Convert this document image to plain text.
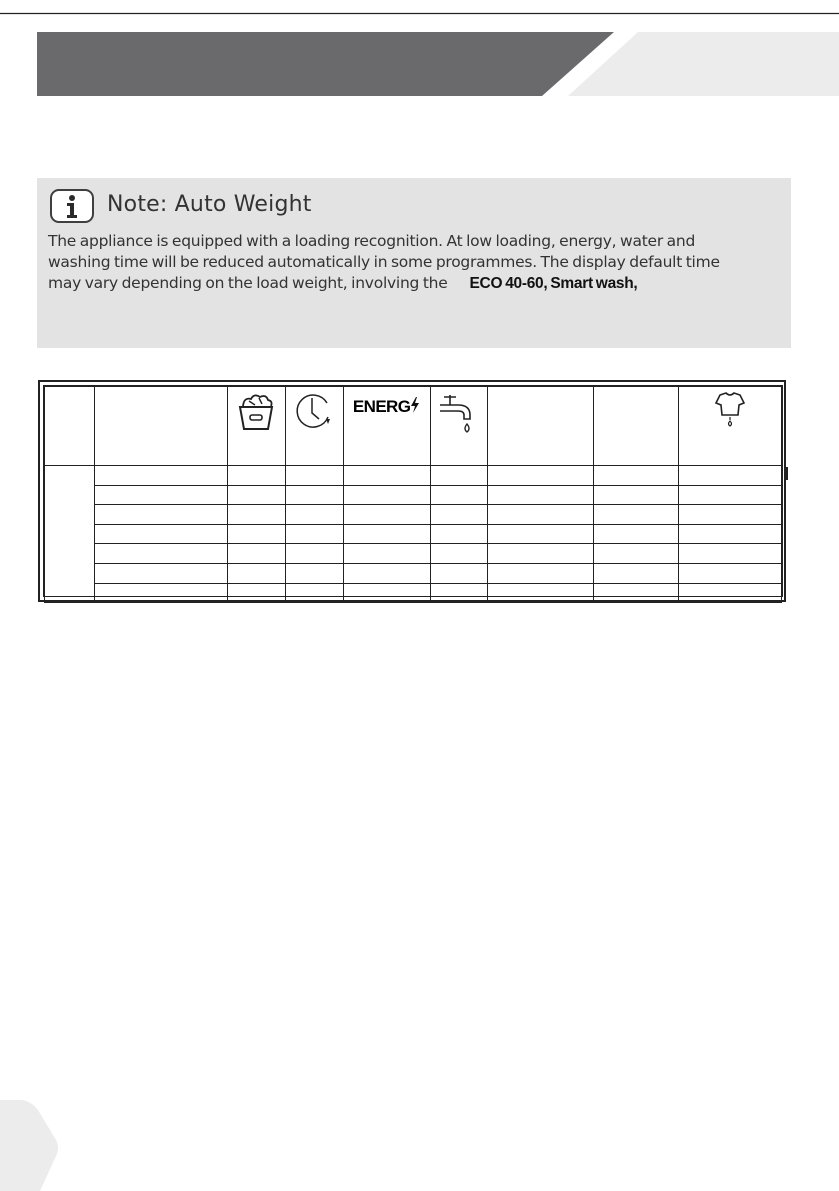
Note: Auto Weight
The appliance is equipped with a loading recognition. At low loading, energy, water and
washing time will be reduced automatically in some programmes. The display default time
may vary depending on the load weight, involving the ECO 40-60, Smart wash,

	ENERG	
